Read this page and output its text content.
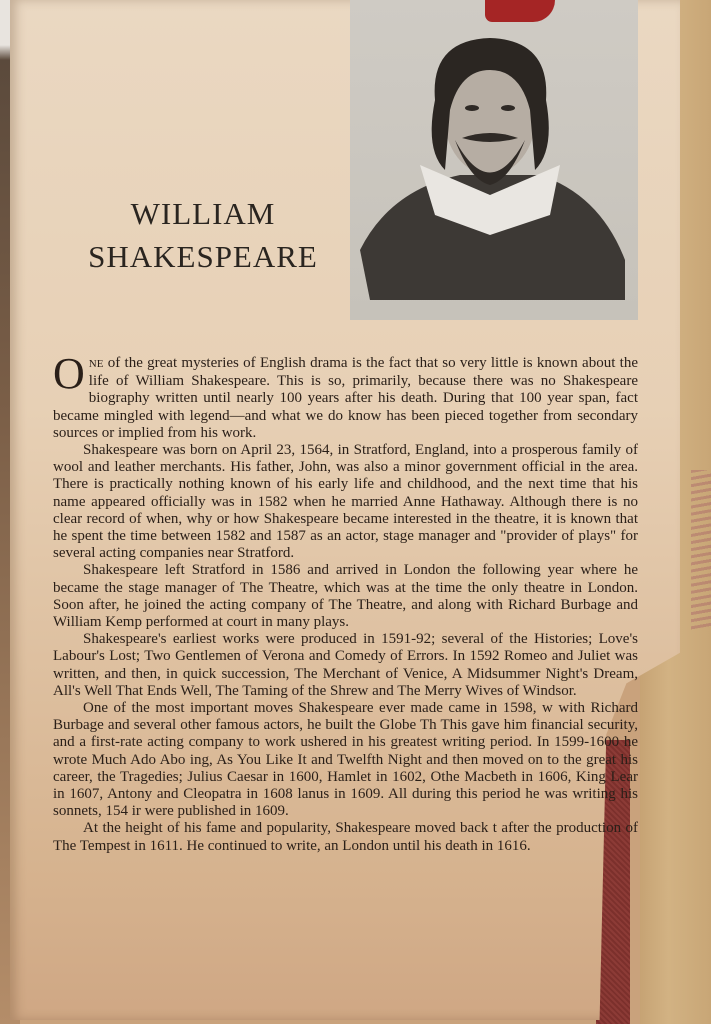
WILLIAM
SHAKESPEARE

ONE of the great mysteries of English drama is the fact that so very little is known about the life of William Shakespeare. This is so, primarily, because there was no Shakespeare biography written until nearly 100 years after his death. During that 100 year span, fact became mingled with legend—and what we do know has been pieced together from secondary sources or implied from his work.

Shakespeare was born on April 23, 1564, in Stratford, England, into a prosperous family of wool and leather merchants. His father, John, was also a minor government official in the area. There is practically nothing known of his early life and childhood, and the next time that his name appeared officially was in 1582 when he married Anne Hathaway. Although there is no clear record of when, why or how Shakespeare became interested in the theatre, it is known that he spent the time between 1582 and 1587 as an actor, stage manager and "provider of plays" for several acting companies near Stratford.

Shakespeare left Stratford in 1586 and arrived in London the following year where he became the stage manager of The Theatre, which was at the time the only theatre in London. Soon after, he joined the acting company of The Theatre, and along with Richard Burbage and William Kemp performed at court in many plays.

Shakespeare's earliest works were produced in 1591-92; several of the Histories; Love's Labour's Lost; Two Gentlemen of Verona and Comedy of Errors. In 1592 Romeo and Juliet was written, and then, in quick succession, The Merchant of Venice, A Midsummer Night's Dream, All's Well That Ends Well, The Taming of the Shrew and The Merry Wives of Windsor.

One of the most important moves Shakespeare ever made came in 1598, w with Richard Burbage and several other famous actors, he built the Globe Th This gave him financial security, and a first-rate acting company to work ushered in his greatest writing period. In 1599-1600 he wrote Much Ado Abo ing, As You Like It and Twelfth Night and then moved on to the great his career, the Tragedies; Julius Caesar in 1600, Hamlet in 1602, Othe Macbeth in 1606, King Lear in 1607, Antony and Cleopatra in 1608 lanus in 1609. All during this period he was writing his sonnets, 154 ir were published in 1609.

At the height of his fame and popularity, Shakespeare moved back t after the production of The Tempest in 1611. He continued to write, an London until his death in 1616.
